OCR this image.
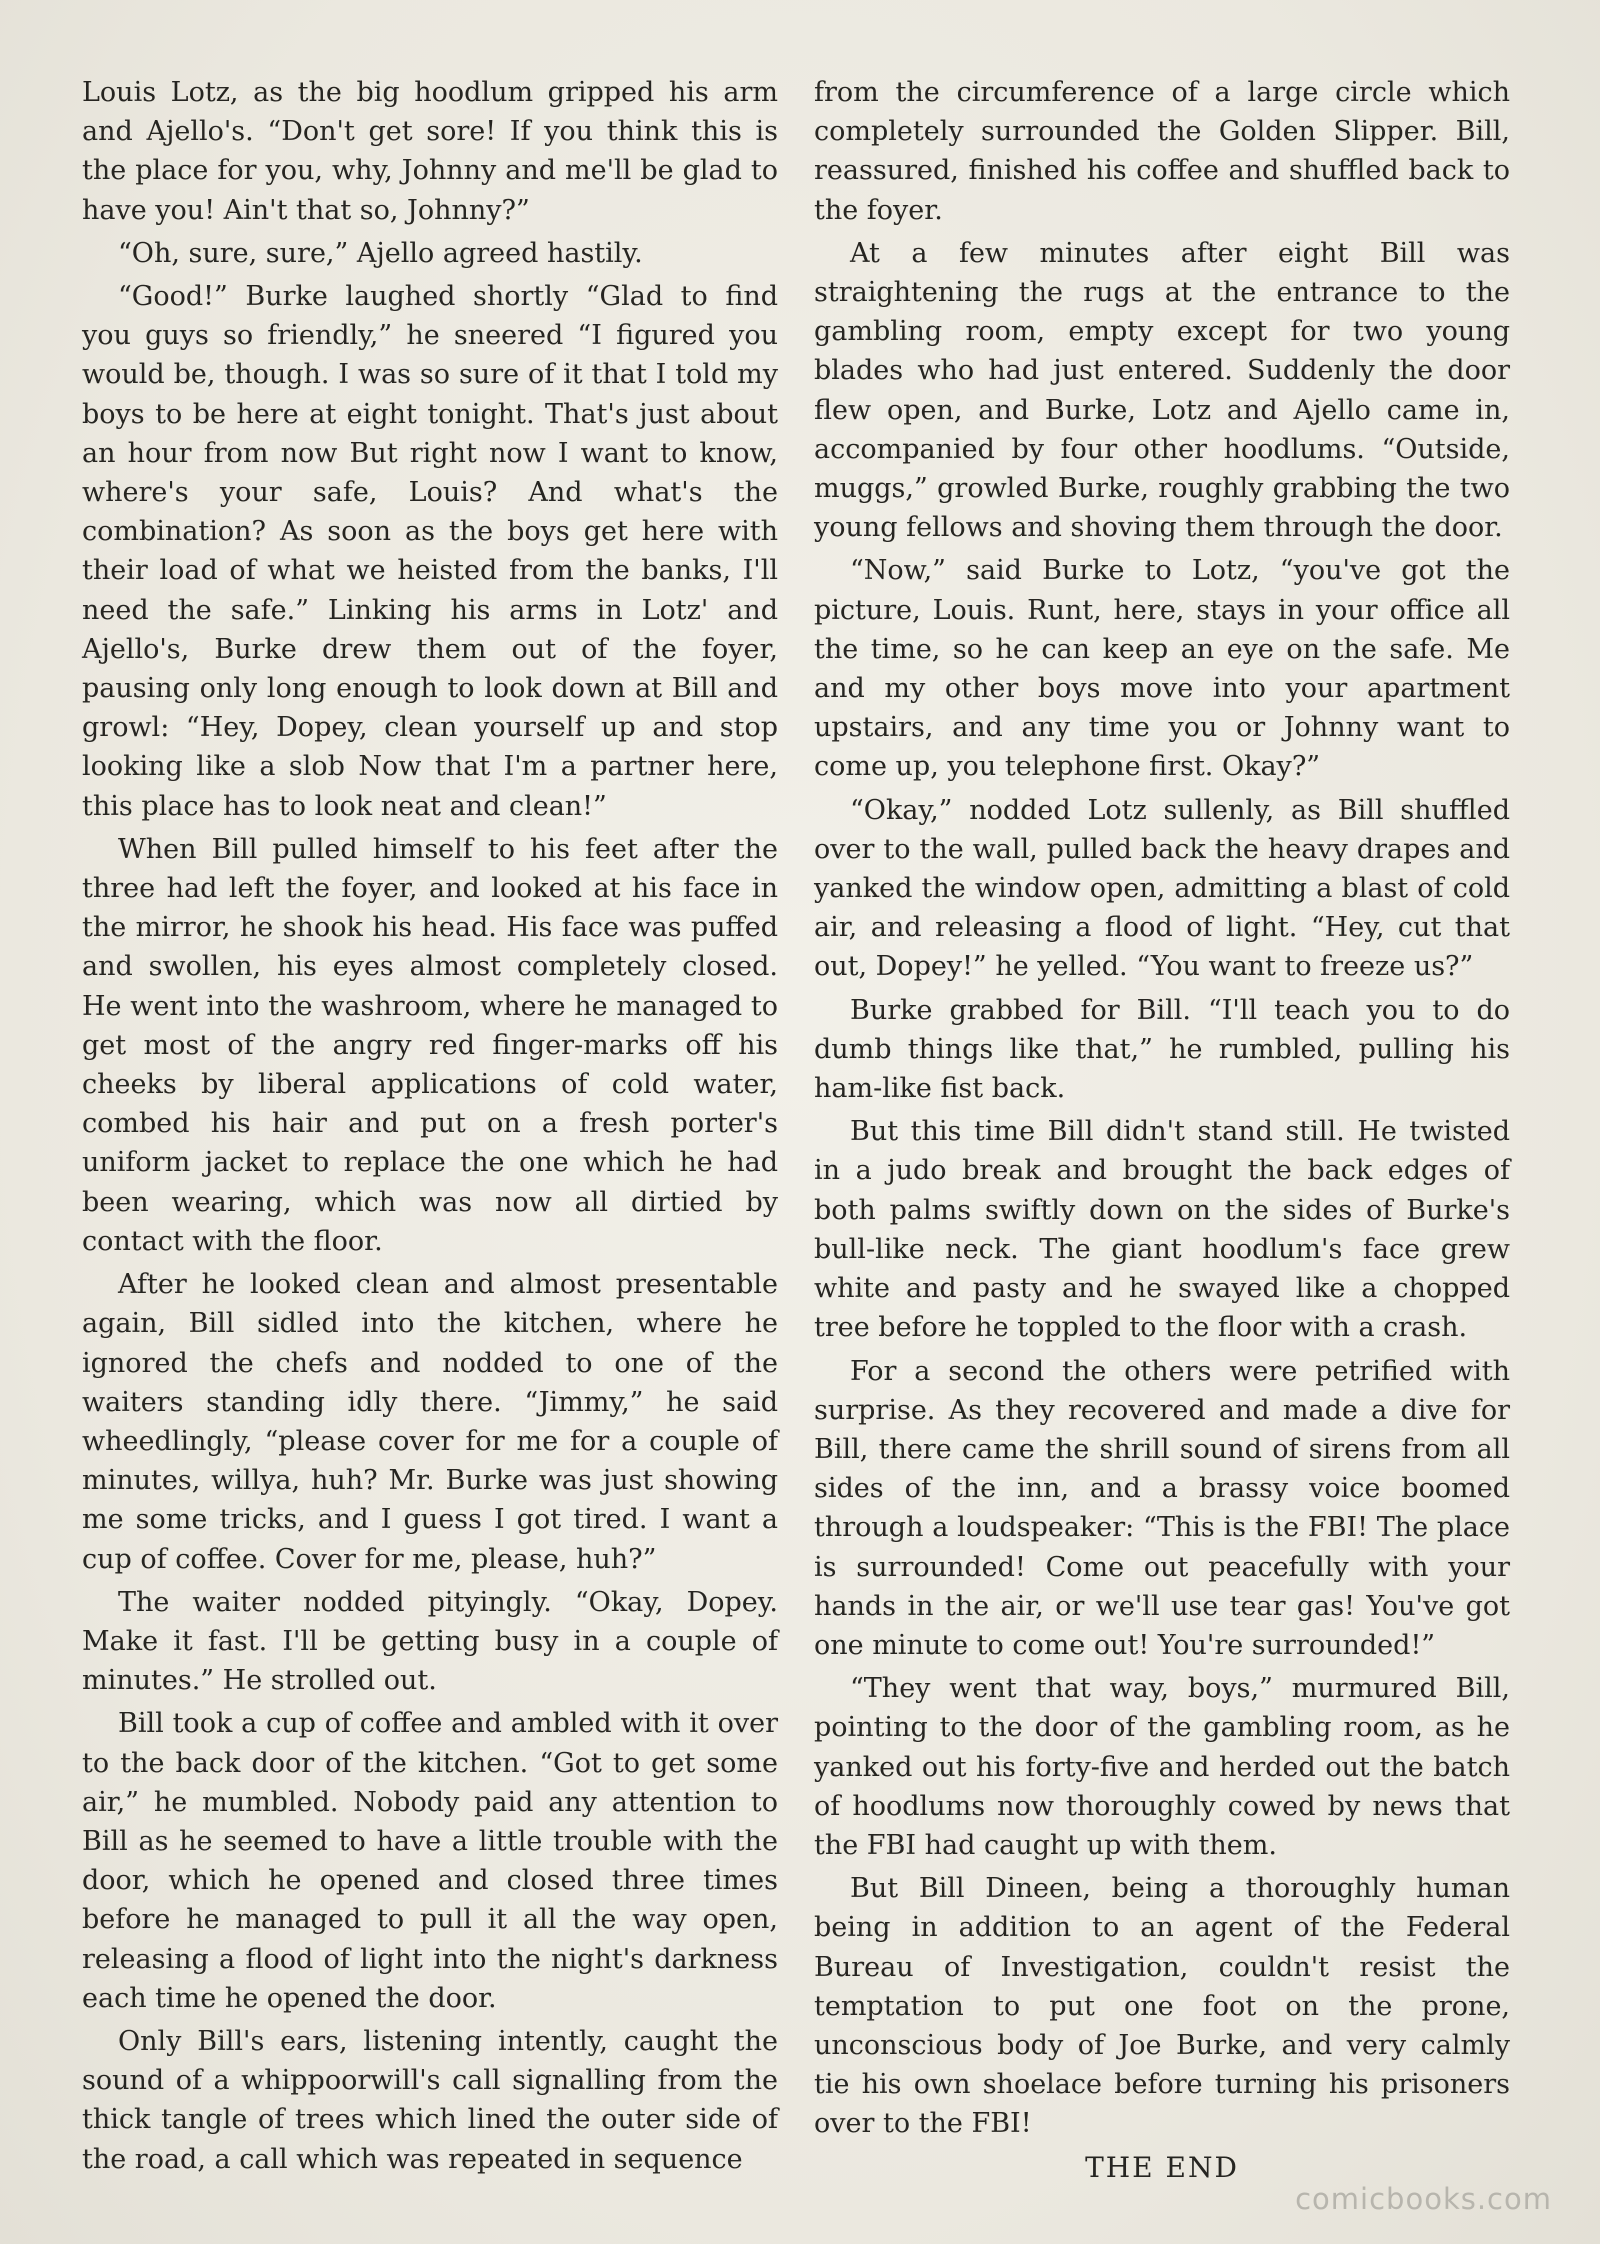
Louis Lotz, as the big hoodlum gripped his arm and Ajello's. “Don't get sore! If you think this is the place for you, why, Johnny and me'll be glad to have you! Ain't that so, Johnny?”

“Oh, sure, sure,” Ajello agreed hastily.

“Good!” Burke laughed shortly “Glad to find you guys so friendly,” he sneered “I figured you would be, though. I was so sure of it that I told my boys to be here at eight tonight. That's just about an hour from now But right now I want to know, where's your safe, Louis? And what's the combination? As soon as the boys get here with their load of what we heisted from the banks, I'll need the safe.” Linking his arms in Lotz' and Ajello's, Burke drew them out of the foyer, pausing only long enough to look down at Bill and growl: “Hey, Dopey, clean yourself up and stop looking like a slob Now that I'm a partner here, this place has to look neat and clean!”

When Bill pulled himself to his feet after the three had left the foyer, and looked at his face in the mirror, he shook his head. His face was puffed and swollen, his eyes almost completely closed. He went into the washroom, where he managed to get most of the angry red finger-marks off his cheeks by liberal applications of cold water, combed his hair and put on a fresh porter's uniform jacket to replace the one which he had been wearing, which was now all dirtied by contact with the floor.

After he looked clean and almost presentable again, Bill sidled into the kitchen, where he ignored the chefs and nodded to one of the waiters standing idly there. “Jimmy,” he said wheedlingly, “please cover for me for a couple of minutes, willya, huh? Mr. Burke was just showing me some tricks, and I guess I got tired. I want a cup of coffee. Cover for me, please, huh?”

The waiter nodded pityingly. “Okay, Dopey. Make it fast. I'll be getting busy in a couple of minutes.” He strolled out.

Bill took a cup of coffee and ambled with it over to the back door of the kitchen. “Got to get some air,” he mumbled. Nobody paid any attention to Bill as he seemed to have a little trouble with the door, which he opened and closed three times before he managed to pull it all the way open, releasing a flood of light into the night's darkness each time he opened the door.

Only Bill's ears, listening intently, caught the sound of a whippoorwill's call signalling from the thick tangle of trees which lined the outer side of the road, a call which was repeated in sequence

from the circumference of a large circle which completely surrounded the Golden Slipper. Bill, reassured, finished his coffee and shuffled back to the foyer.

At a few minutes after eight Bill was straightening the rugs at the entrance to the gambling room, empty except for two young blades who had just entered. Suddenly the door flew open, and Burke, Lotz and Ajello came in, accompanied by four other hoodlums. “Outside, muggs,” growled Burke, roughly grabbing the two young fellows and shoving them through the door.

“Now,” said Burke to Lotz, “you've got the picture, Louis. Runt, here, stays in your office all the time, so he can keep an eye on the safe. Me and my other boys move into your apartment upstairs, and any time you or Johnny want to come up, you telephone first. Okay?”

“Okay,” nodded Lotz sullenly, as Bill shuffled over to the wall, pulled back the heavy drapes and yanked the window open, admitting a blast of cold air, and releasing a flood of light. “Hey, cut that out, Dopey!” he yelled. “You want to freeze us?”

Burke grabbed for Bill. “I'll teach you to do dumb things like that,” he rumbled, pulling his ham-like fist back.

But this time Bill didn't stand still. He twisted in a judo break and brought the back edges of both palms swiftly down on the sides of Burke's bull-like neck. The giant hoodlum's face grew white and pasty and he swayed like a chopped tree before he toppled to the floor with a crash.

For a second the others were petrified with surprise. As they recovered and made a dive for Bill, there came the shrill sound of sirens from all sides of the inn, and a brassy voice boomed through a loudspeaker: “This is the FBI! The place is surrounded! Come out peacefully with your hands in the air, or we'll use tear gas! You've got one minute to come out! You're surrounded!”

“They went that way, boys,” murmured Bill, pointing to the door of the gambling room, as he yanked out his forty-five and herded out the batch of hoodlums now thoroughly cowed by news that the FBI had caught up with them.

But Bill Dineen, being a thoroughly human being in addition to an agent of the Federal Bureau of Investigation, couldn't resist the temptation to put one foot on the prone, unconscious body of Joe Burke, and very calmly tie his own shoelace before turning his prisoners over to the FBI!

THE END
comicbooks.com
